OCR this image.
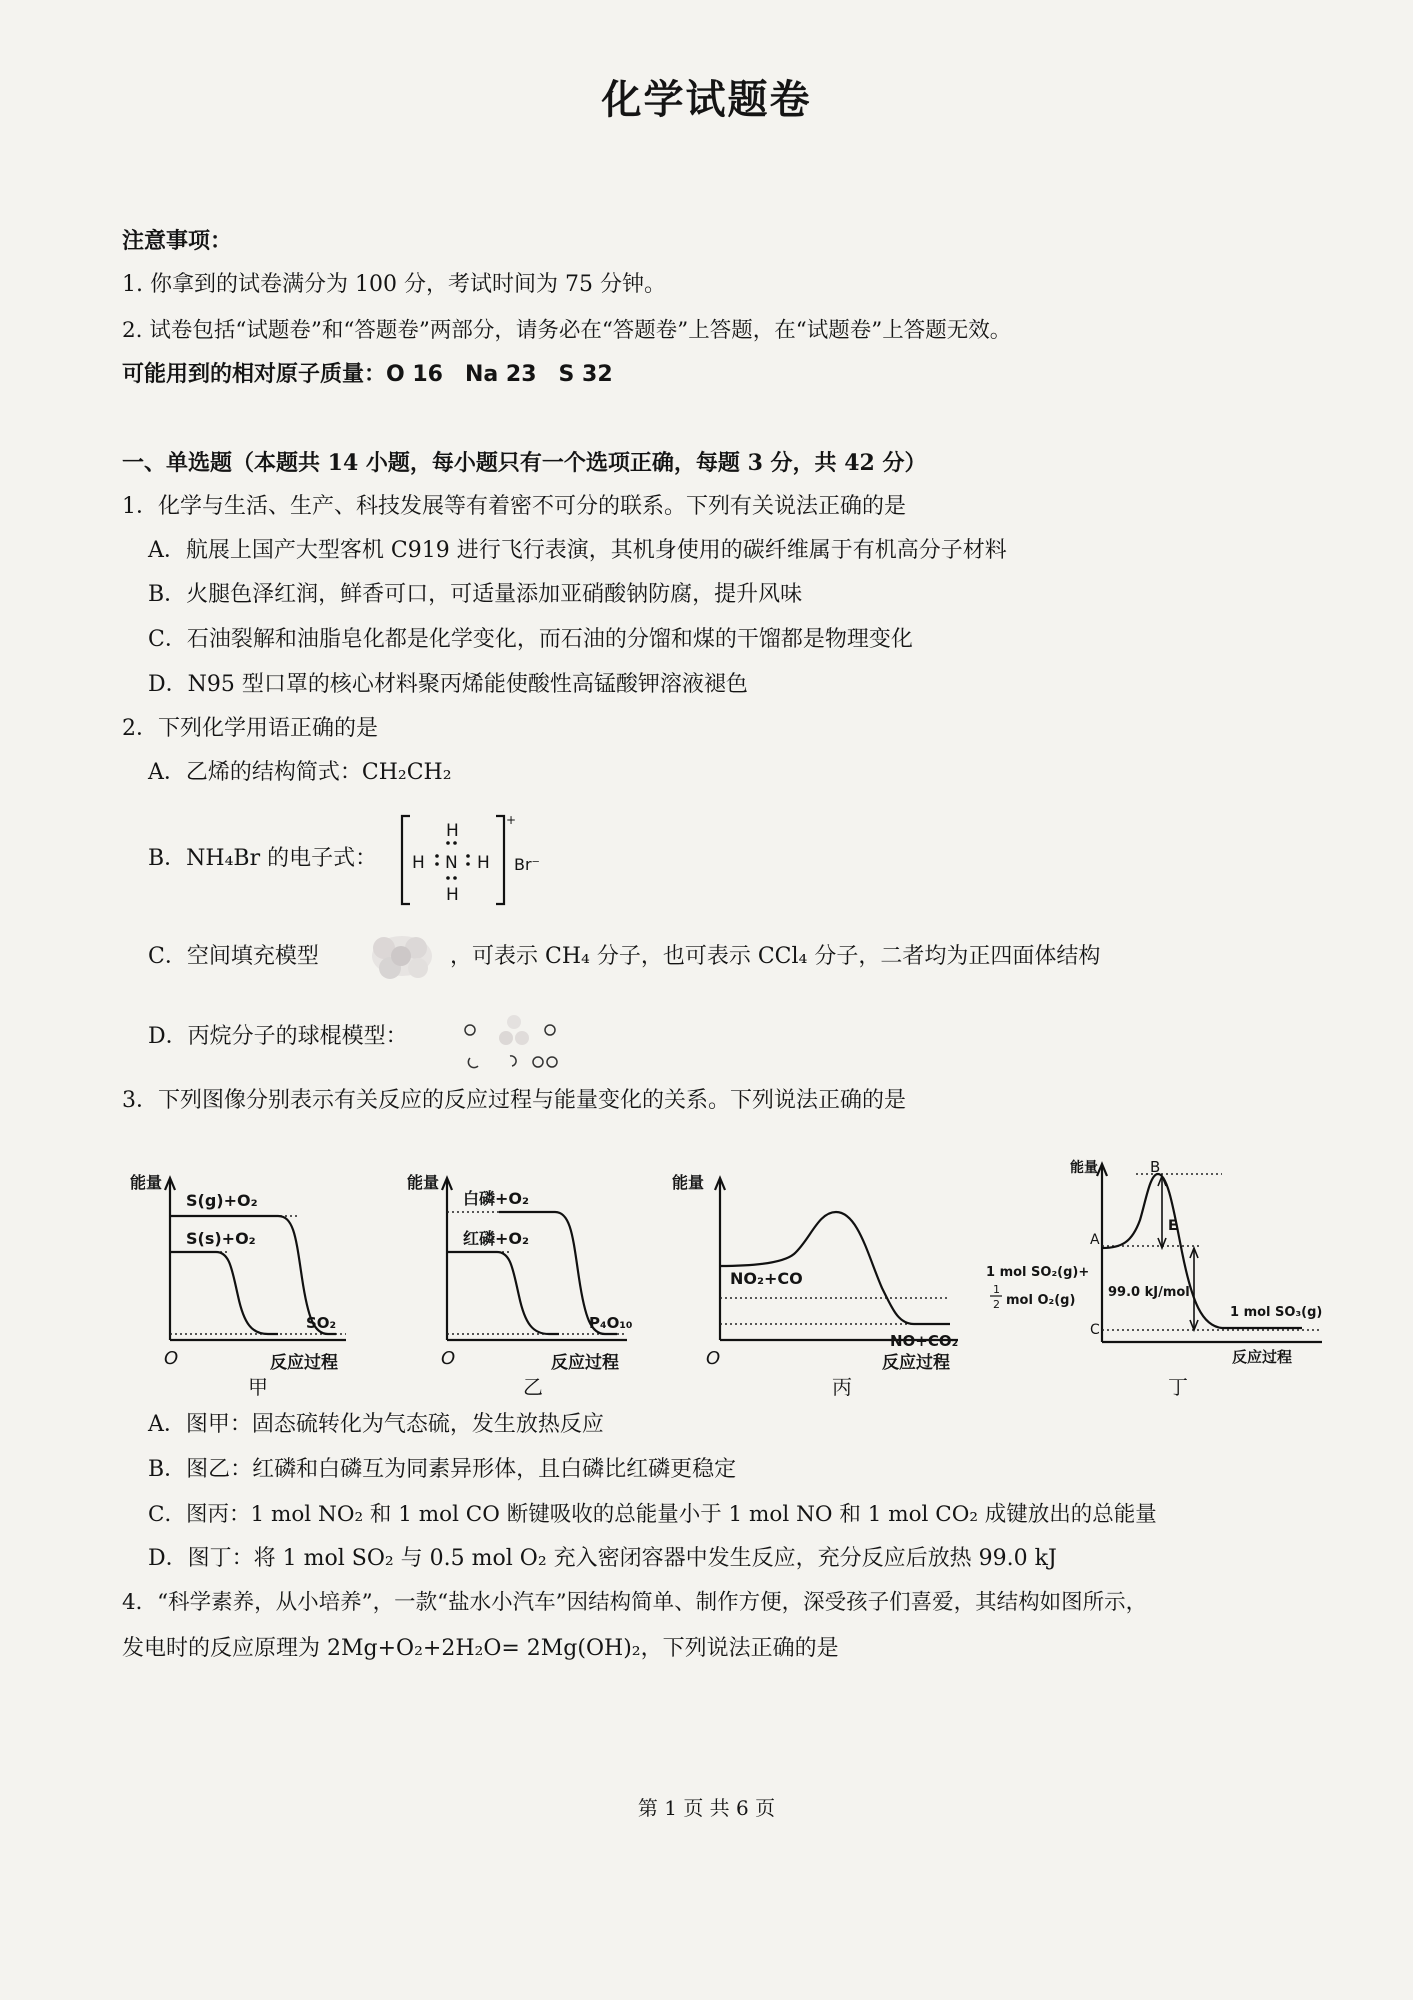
化学试题卷
注意事项：
1. 你拿到的试卷满分为 100 分，考试时间为 75 分钟。
2. 试卷包括“试题卷”和“答题卷”两部分，请务必在“答题卷”上答题，在“试题卷”上答题无效。
可能用到的相对原子质量：O 16　Na 23　S 32
一、单选题（本题共 14 小题，每小题只有一个选项正确，每题 3 分，共 42 分）
1．化学与生活、生产、科技发展等有着密不可分的联系。下列有关说法正确的是
A．航展上国产大型客机 C919 进行飞行表演，其机身使用的碳纤维属于有机高分子材料
B．火腿色泽红润，鲜香可口，可适量添加亚硝酸钠防腐，提升风味
C．石油裂解和油脂皂化都是化学变化，而石油的分馏和煤的干馏都是物理变化
D．N95 型口罩的核心材料聚丙烯能使酸性高锰酸钾溶液褪色
2．下列化学用语正确的是
A．乙烯的结构简式：CH₂CH₂
B．NH₄Br 的电子式：
H
H N H
H
+
Br⁻
C．空间填充模型	，可表示 CH₄ 分子，也可表示 CCl₄ 分子，二者均为正四面体结构
D．丙烷分子的球棍模型：
3．下列图像分别表示有关反应的反应过程与能量变化的关系。下列说法正确的是
能量
O	反应过程
S(g)+O₂
S(s)+O₂
SO₂
甲
能量
O	反应过程
白磷+O₂
红磷+O₂
P₄O₁₀
乙
能量
O	反应过程
NO₂+CO
NO+CO₂
丙
能量
反应过程
B
A
C
E
99.0 kJ/mol
1 mol SO₂(g)+
1
2 mol O₂(g)
1 mol SO₃(g)
丁
A．图甲：固态硫转化为气态硫，发生放热反应
B．图乙：红磷和白磷互为同素异形体，且白磷比红磷更稳定
C．图丙：1 mol NO₂ 和 1 mol CO 断键吸收的总能量小于 1 mol NO 和 1 mol CO₂ 成键放出的总能量
D．图丁：将 1 mol SO₂ 与 0.5 mol O₂ 充入密闭容器中发生反应，充分反应后放热 99.0 kJ
4．“科学素养，从小培养”，一款“盐水小汽车”因结构简单、制作方便，深受孩子们喜爱，其结构如图所示，
发电时的反应原理为 2Mg+O₂+2H₂O= 2Mg(OH)₂，下列说法正确的是
第 1 页 共 6 页
